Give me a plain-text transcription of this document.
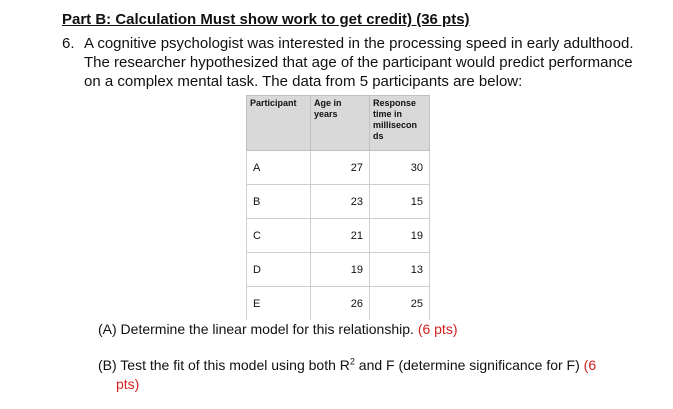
Part B: Calculation Must show work to get credit) (36 pts)
6. A cognitive psychologist was interested in the processing speed in early adulthood.
The researcher hypothesized that age of the participant would predict performance
on a complex mental task. The data from 5 participants are below:
Participant	Age in years	Response time in millisecon ds

A	27	30
B	23	15
C	21	19
D	19	13
E	26	25
(A) Determine the linear model for this relationship. (6 pts)
(B) Test the fit of this model using both $R^2$ and F (determine significance for F) (6
pts)
